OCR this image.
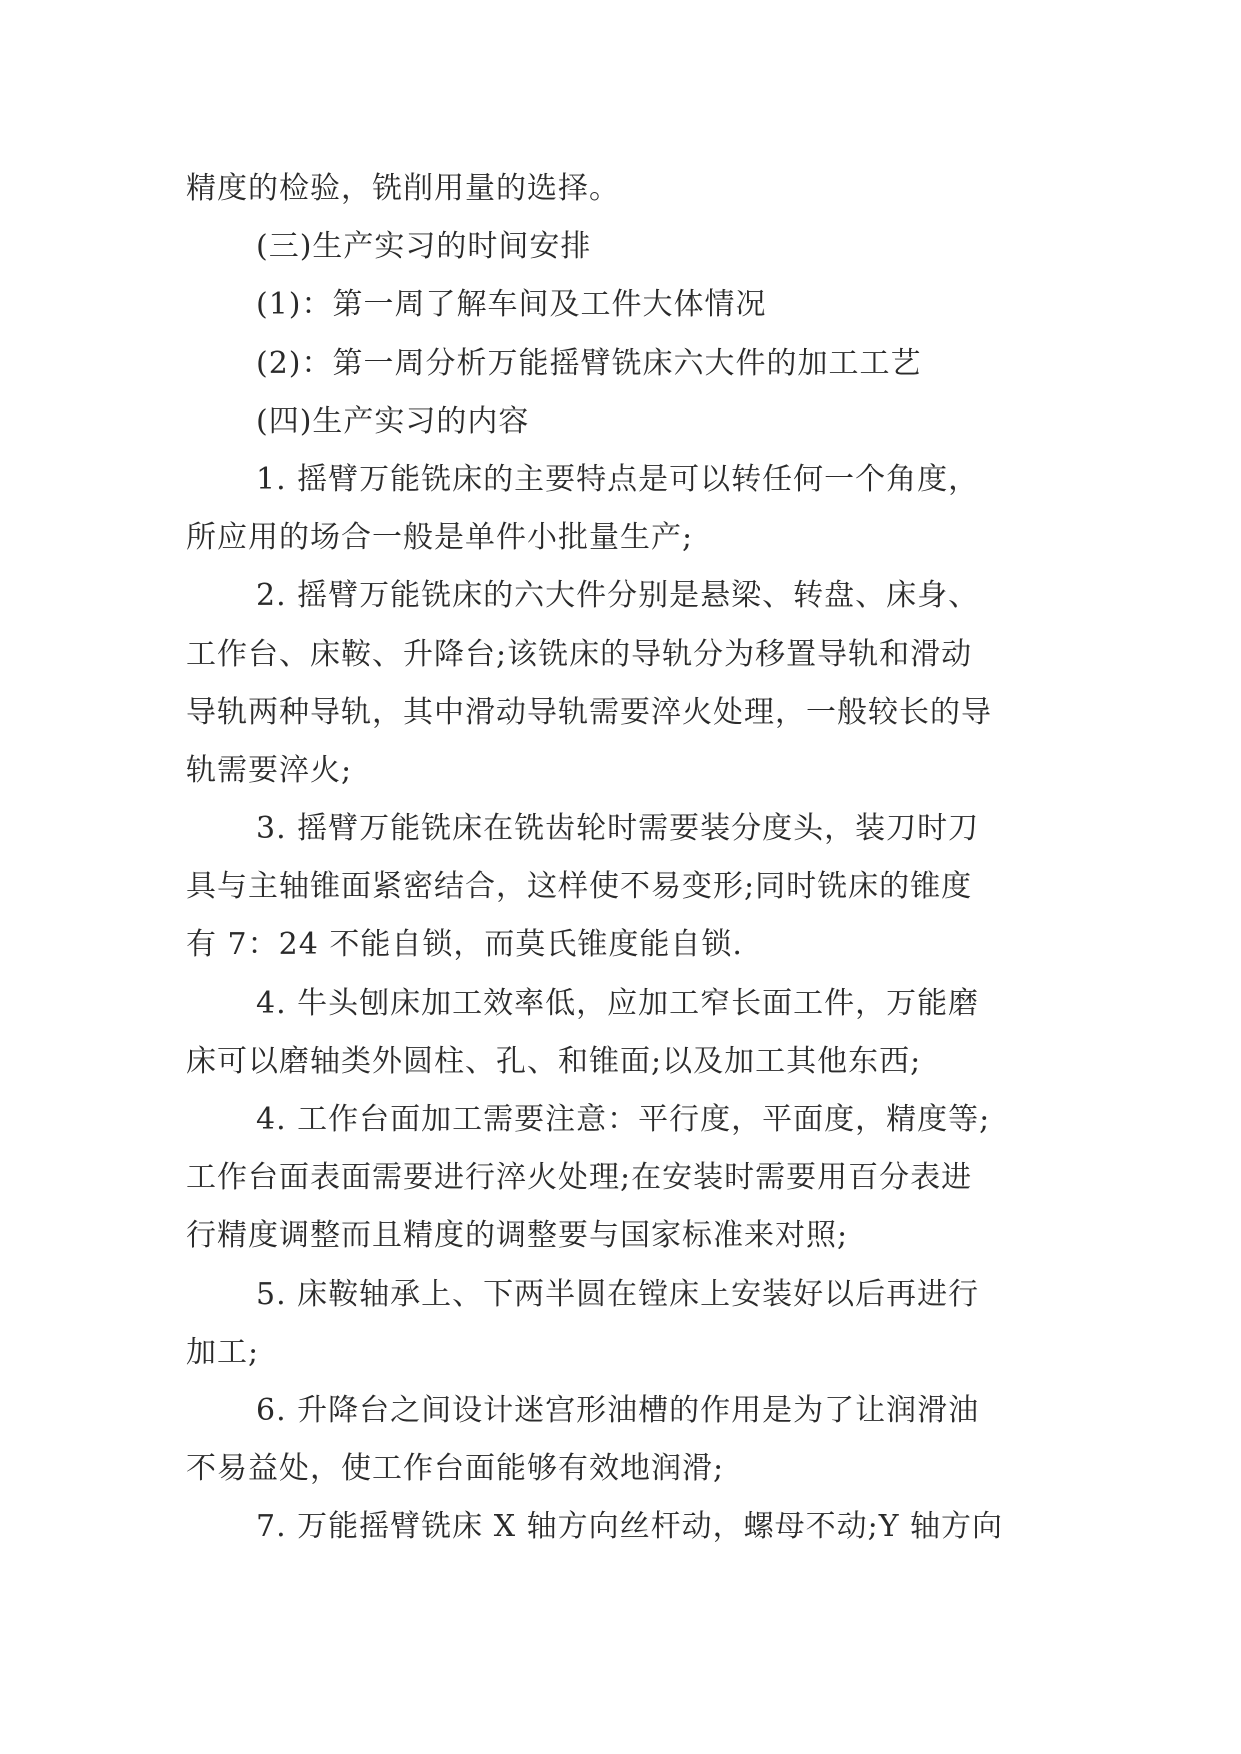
精度的检验，铣削用量的选择。
(三)生产实习的时间安排
(1)：第一周了解车间及工件大体情况
(2)：第一周分析万能摇臂铣床六大件的加工工艺
(四)生产实习的内容
1. 摇臂万能铣床的主要特点是可以转任何一个角度，
所应用的场合一般是单件小批量生产;
2. 摇臂万能铣床的六大件分别是悬梁、转盘、床身、
工作台、床鞍、升降台;该铣床的导轨分为移置导轨和滑动
导轨两种导轨，其中滑动导轨需要淬火处理，一般较长的导
轨需要淬火;
3. 摇臂万能铣床在铣齿轮时需要装分度头，装刀时刀
具与主轴锥面紧密结合，这样使不易变形;同时铣床的锥度
有 7：24 不能自锁，而莫氏锥度能自锁.
4. 牛头刨床加工效率低，应加工窄长面工件，万能磨
床可以磨轴类外圆柱、孔、和锥面;以及加工其他东西;
4. 工作台面加工需要注意：平行度，平面度，精度等;
工作台面表面需要进行淬火处理;在安装时需要用百分表进
行精度调整而且精度的调整要与国家标准来对照;
5. 床鞍轴承上、下两半圆在镗床上安装好以后再进行
加工;
6. 升降台之间设计迷宫形油槽的作用是为了让润滑油
不易益处，使工作台面能够有效地润滑;
7. 万能摇臂铣床 X 轴方向丝杆动，螺母不动;Y 轴方向
